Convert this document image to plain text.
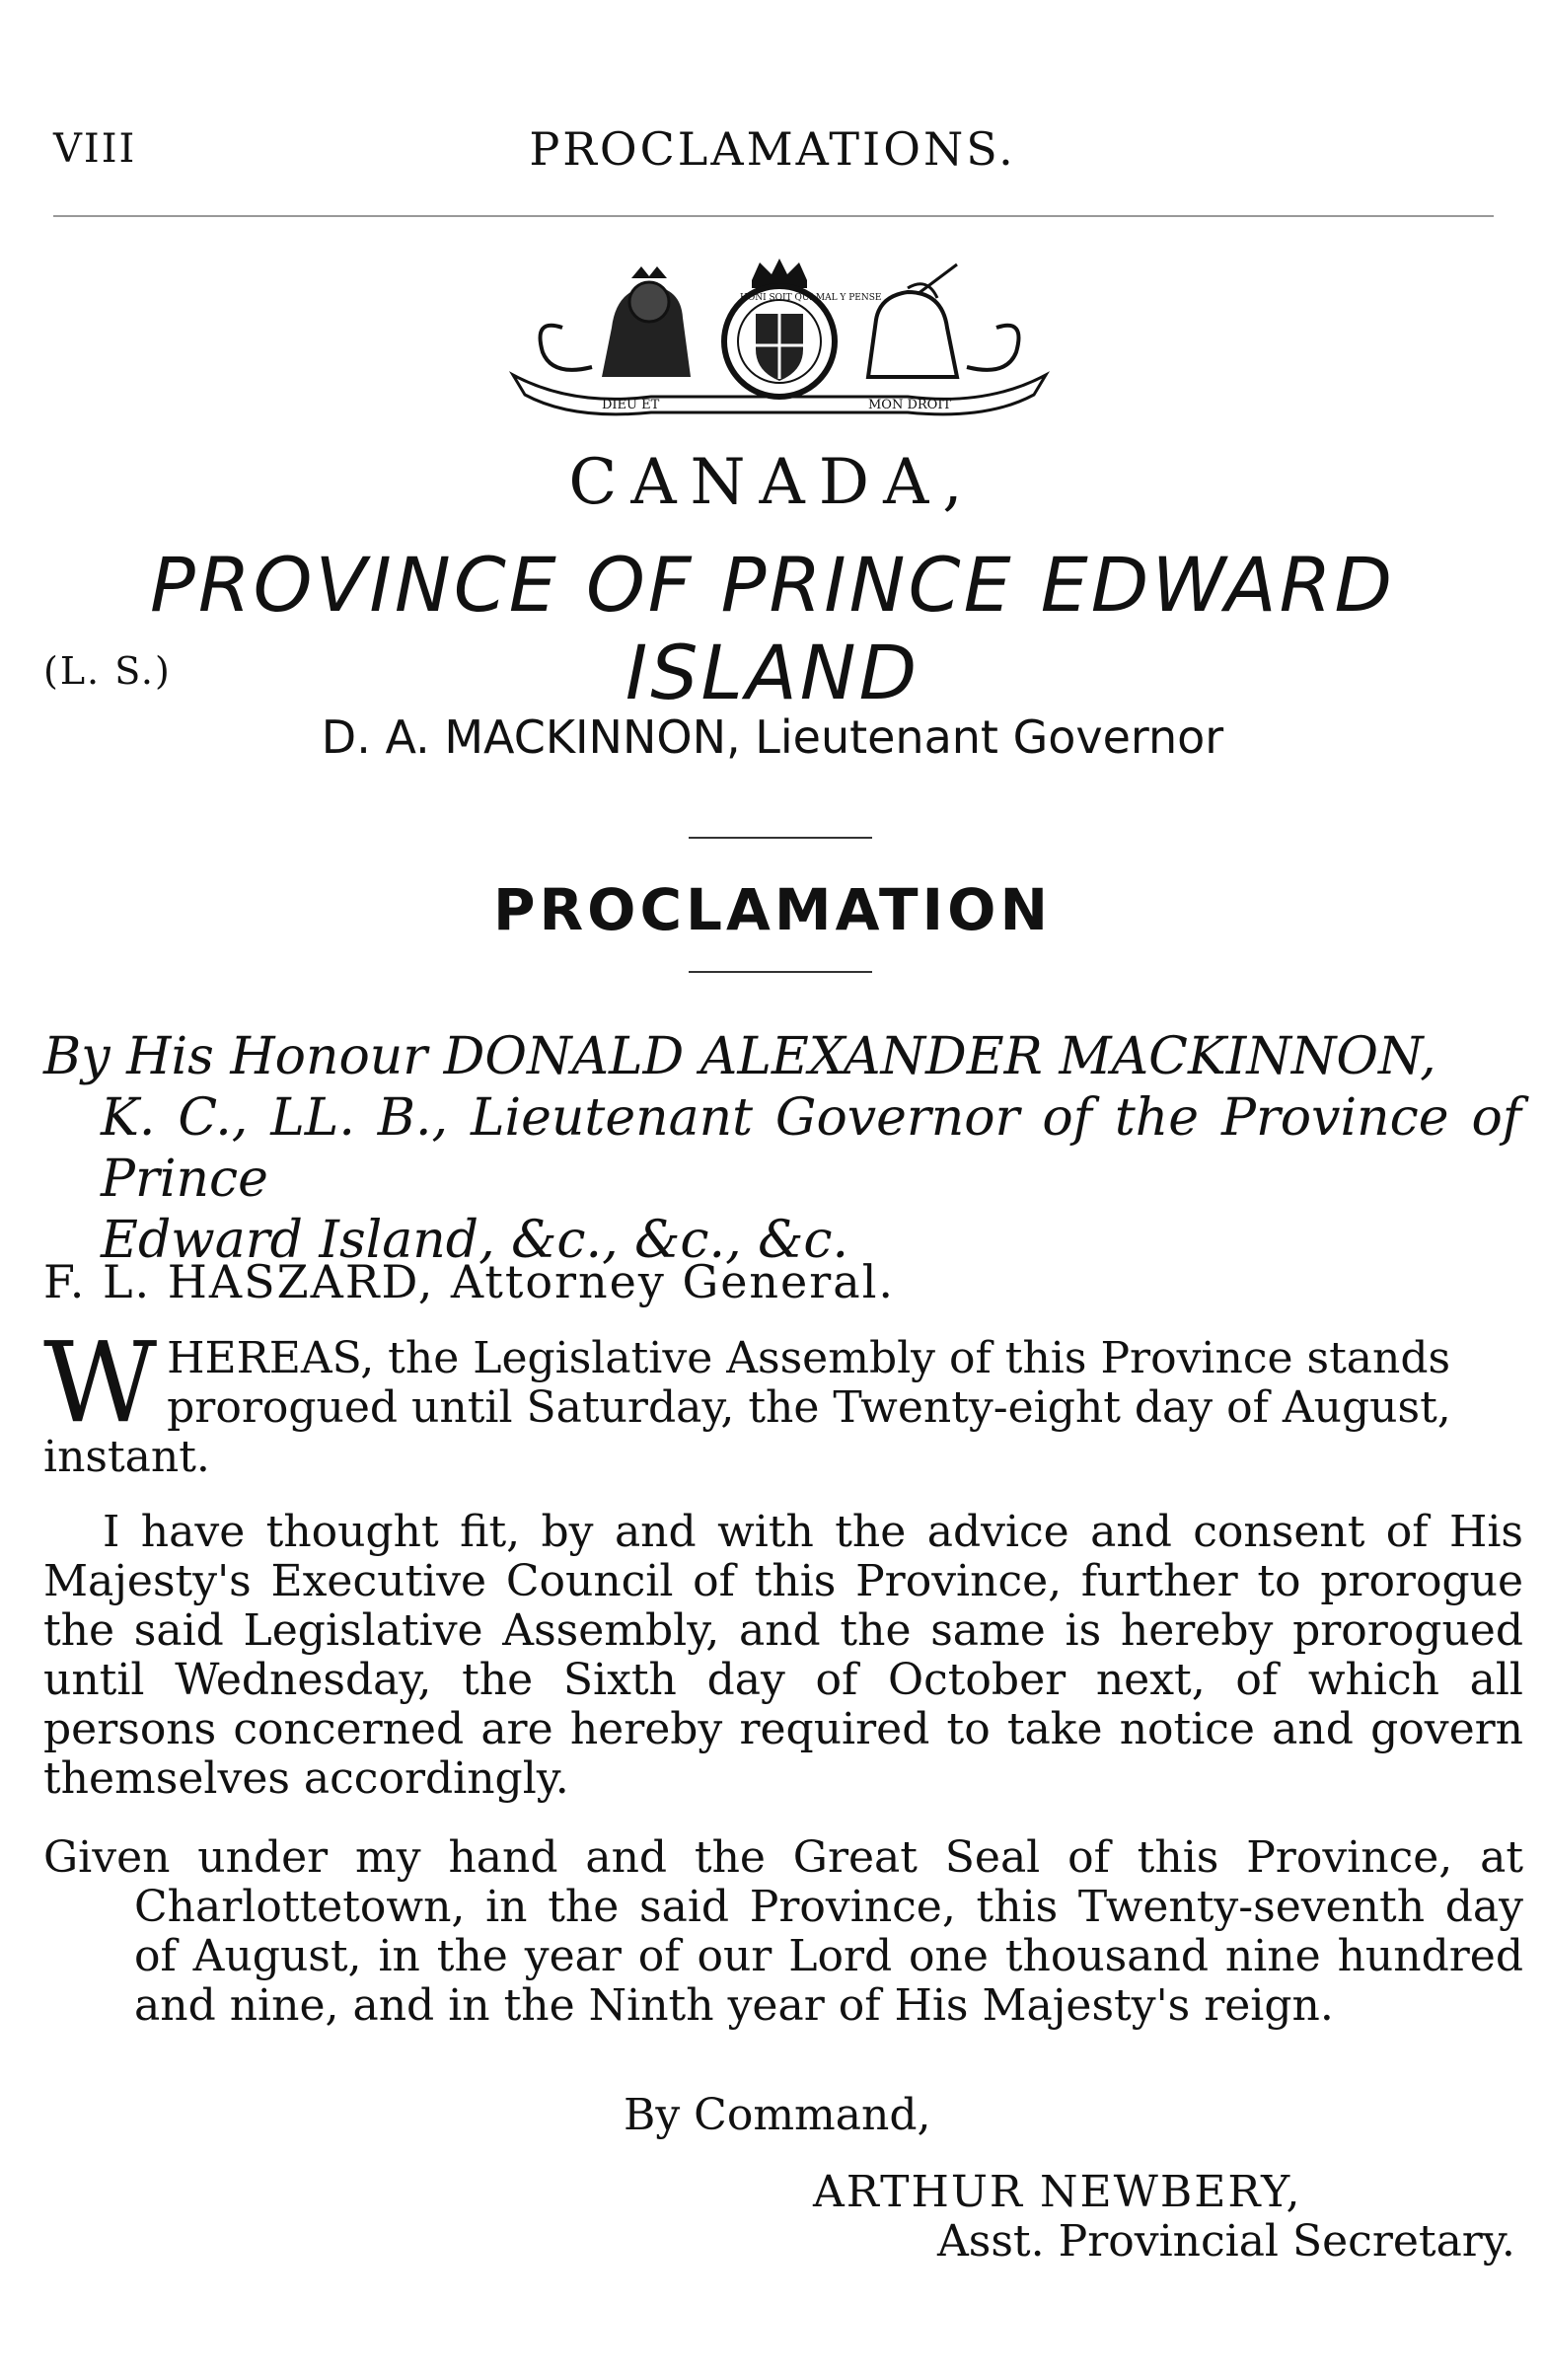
VIII	PROCLAMATIONS.
DIEU ET	MON DROIT
HONI SOIT QUI MAL Y PENSE
CANADA,
PROVINCE OF PRINCE EDWARD ISLAND
(L. S.)
D. A. MACKINNON, Lieutenant Governor
PROCLAMATION
By His Honour DONALD ALEXANDER MACKINNON,
K. C., LL. B., Lieutenant Governor of the Province of Prince
Edward Island, &c., &c., &c.
F. L. HASZARD, Attorney General.
W HEREAS, the Legislative Assembly of this Province stands
prorogued until Saturday, the Twenty-eight day of August,
instant.
I have thought fit, by and with the advice and consent of His Majesty's Executive Council of this Province, further to prorogue the said Legislative Assembly, and the same is hereby prorogued until Wednesday, the Sixth day of October next, of which all persons concerned are hereby required to take notice and govern themselves accordingly.
Given under my hand and the Great Seal of this Province, at Charlottetown, in the said Province, this Twenty-seventh day of August, in the year of our Lord one thousand nine hundred and nine, and in the Ninth year of His Majesty's reign.
By Command,
ARTHUR NEWBERY,
Asst. Provincial Secretary.
